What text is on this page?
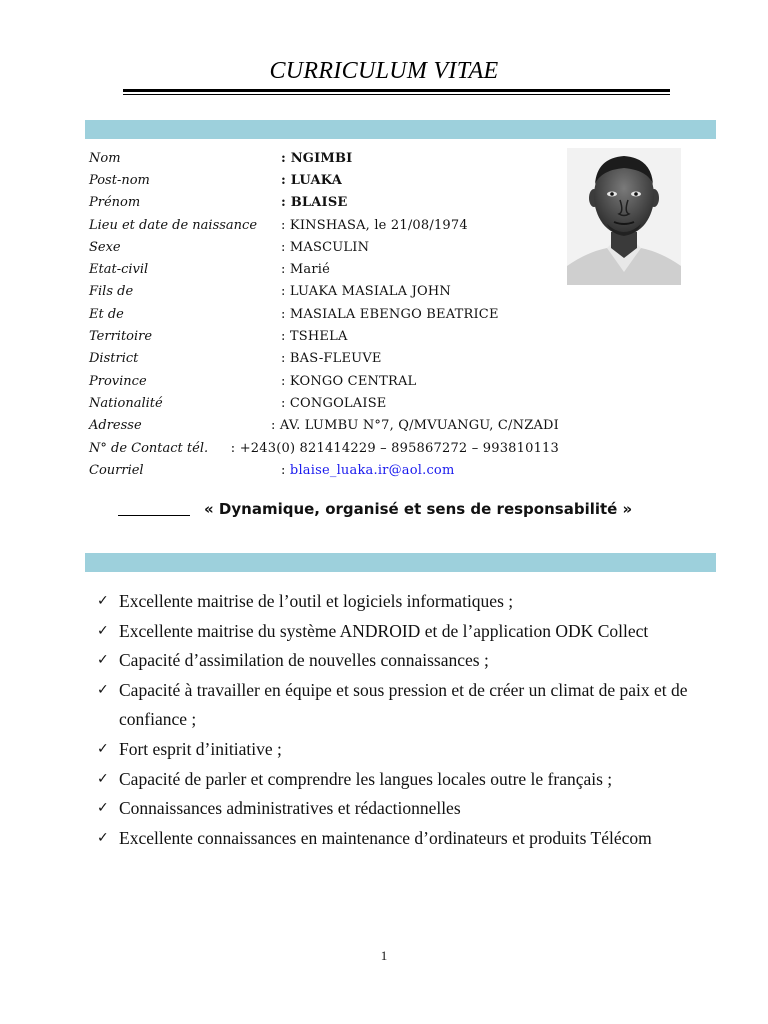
CURRICULUM VITAE
Nom	: NGIMBI
Post-nom	: LUAKA
Prénom	: BLAISE
Lieu et date de naissance	: KINSHASA, le 21/08/1974
Sexe	: MASCULIN
Etat-civil	: Marié
Fils de	: LUAKA MASIALA JOHN
Et de	: MASIALA EBENGO BEATRICE
Territoire	: TSHELA
District	: BAS-FLEUVE
Province	: KONGO CENTRAL
Nationalité	: CONGOLAISE
Adresse	: AV. LUMBU N°7, Q/MVUANGU, C/NZADI
N° de Contact tél.	: +243(0) 821414229 – 895867272 – 993810113
Courriel	: blaise_luaka.ir@aol.com
« Dynamique, organisé et sens de responsabilité »
✓ Excellente maitrise de l’outil et logiciels informatiques ;
✓ Excellente maitrise du système ANDROID et de l’application ODK Collect
✓ Capacité d’assimilation de nouvelles connaissances ;
✓ Capacité à travailler en équipe et sous pression et de créer un climat de paix et de confiance ;
✓ Fort esprit d’initiative ;
✓ Capacité de parler et comprendre les langues locales outre le français ;
✓ Connaissances administratives et rédactionnelles
✓ Excellente connaissances en maintenance d’ordinateurs et produits Télécom
1
